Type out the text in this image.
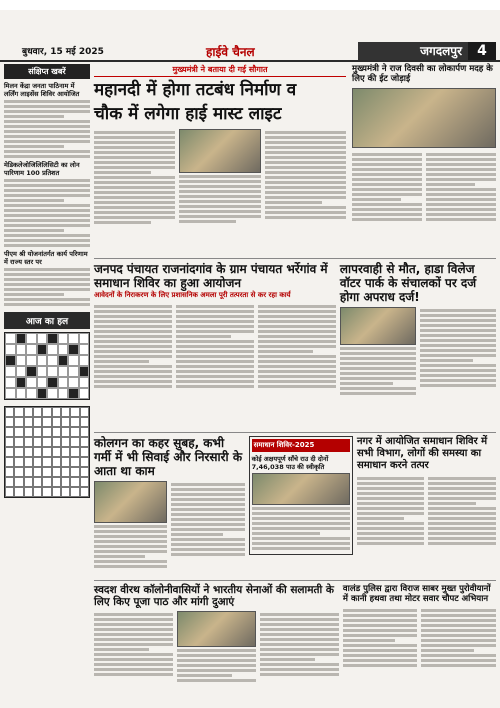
बुधवार, 15 मई 2025	हाईवे चैनल	जगदलपुर	4
संक्षिप्त खबरें
मिलन केंद्रा जनता पाठिनाम में लर्लिंग लाइसेंस शिविर आयोजित
मेडिकलेजोजिलिलिसिटी का लोन पारिणाम 100 प्रतिशत
पीएम श्री योजनांतर्गत कार्य परिणाम में राज्य स्तर पर
आज का हल
मुख्यमंत्री ने बताया दी गई सौगात
महानदी में होगा तटबंध निर्माण व
चौक में लगेगा हाई मास्ट लाइट
मुख्यमंत्री ने राज दिवसी का लोकार्पण मदह के लिए की ईट जोड़ाई
जनपद पंचायत राजनांदगांव के ग्राम पंचायत भर्रेगांव में समाधान शिविर का हुआ आयोजन
आवेदनों के निराकरण के लिए प्रशासनिक अमला पूरी तत्परता से कर रहा कार्य
लापरवाही से मौत, हाडा विलेज वॉटर पार्क के संचालकों पर दर्ज होगा अपराध दर्ज!
कोलगन का कहर सुबह, कभी गर्मी में भी सिवाई और निरसारी के आता था काम
समाधान शिविर-2025
कोई अक्षयपूर्ण साँचे राउ दी दोनों 7,46,038 पाउ की स्वीकृति
नगर में आयोजित समाधान शिविर में सभी विभाग, लोगों की समस्या का समाधान करने तत्पर
स्वदश वीरथ कॉलोनीवासियों ने भारतीय सेनाओं की सलामती के लिए किए पूजा पाठ और मांगी दुआएं
वालंड पुलिस द्वारा विराज साबर मुख्त पुरोवीयानों में कानी हथवा तथा मोटर सवार चौपट अभियान
